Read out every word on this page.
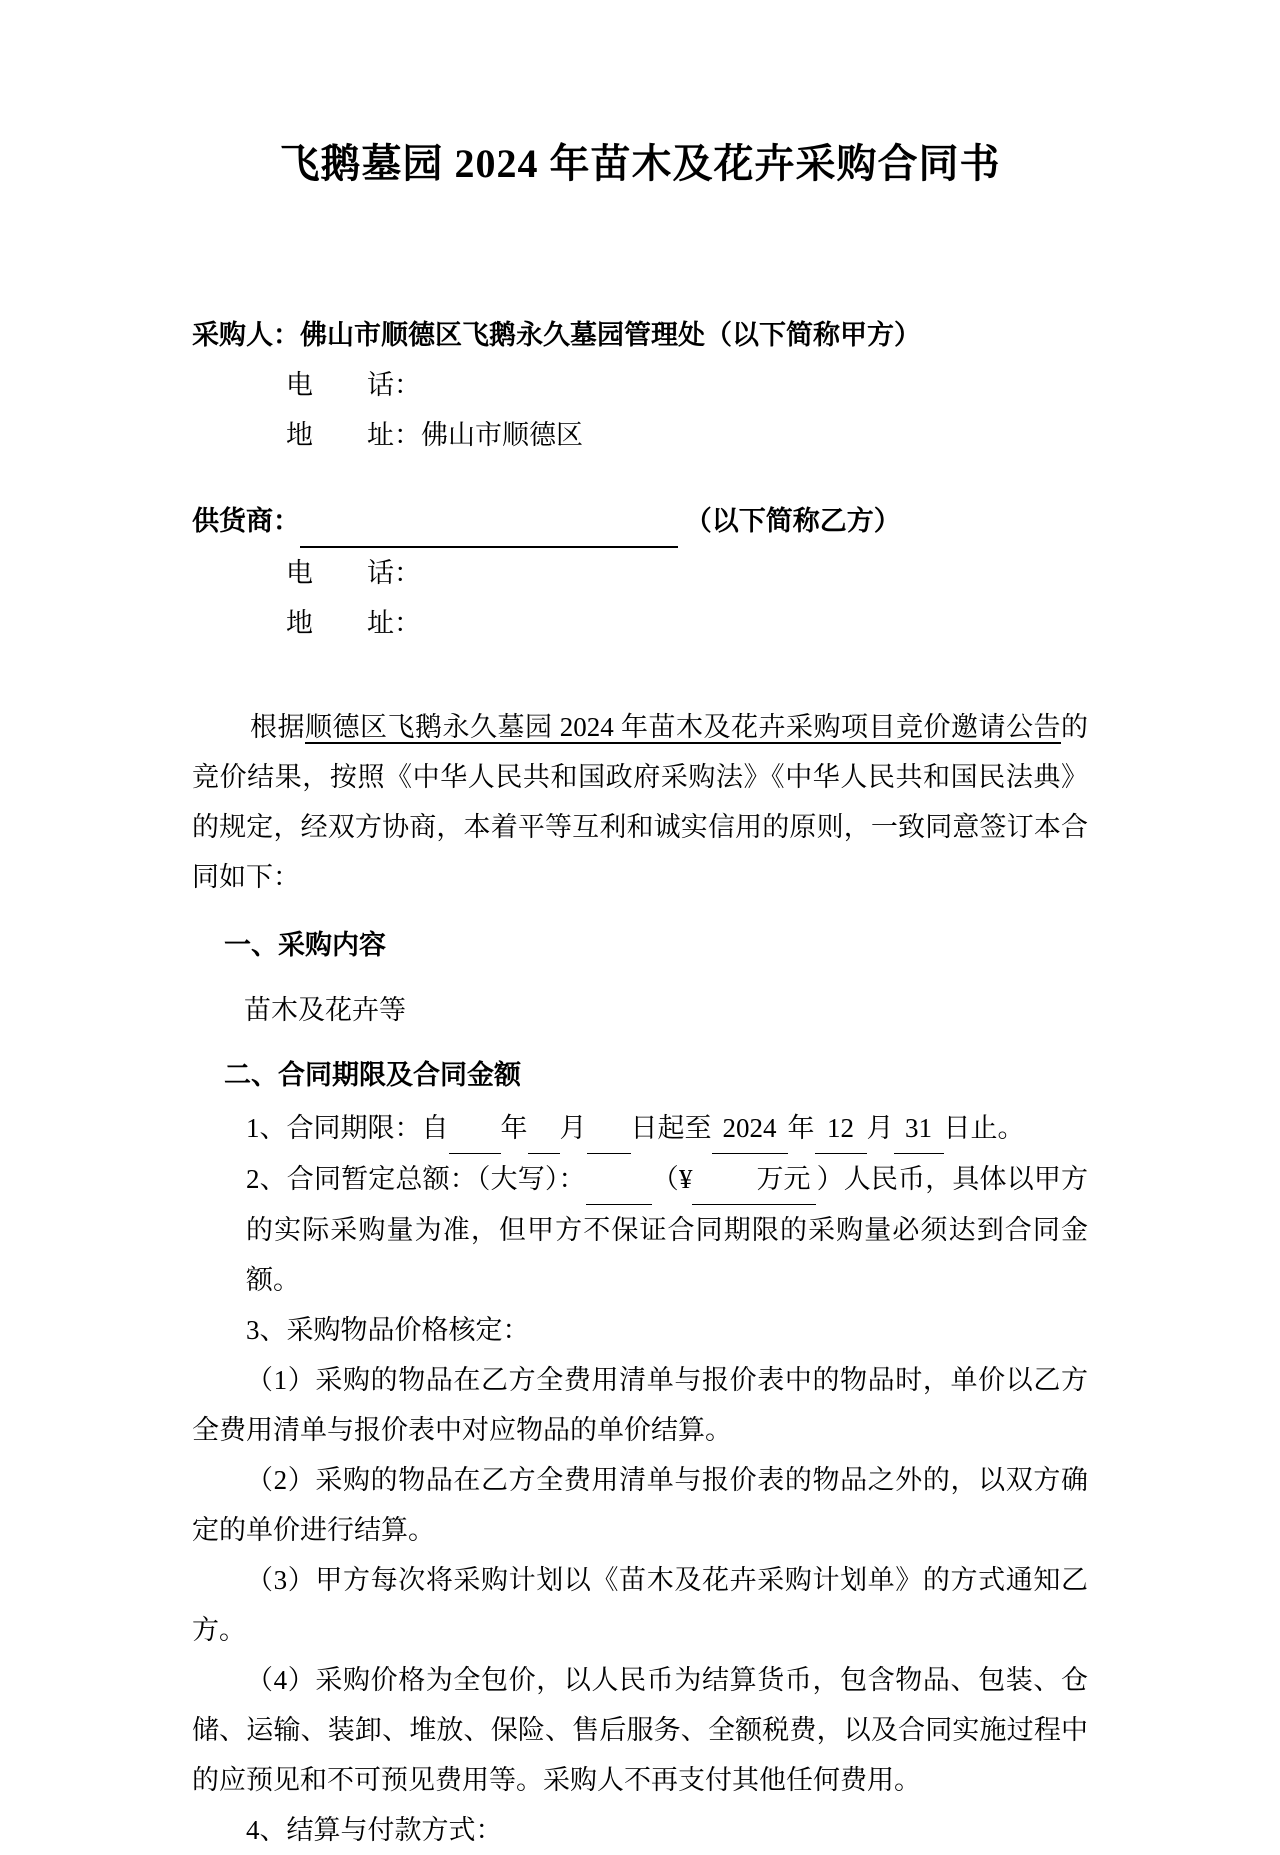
飞鹅墓园 2024 年苗木及花卉采购合同书
采购人：佛山市顺德区飞鹅永久墓园管理处（以下简称甲方）
电　　话：
地　　址：佛山市顺德区
供货商：	（以下简称乙方）
电　　话：
地　　址：
根据顺德区飞鹅永久墓园 2024 年苗木及花卉采购项目竞价邀请公告的竞价结果，按照《中华人民共和国政府采购法》《中华人民共和国民法典》的规定，经双方协商，本着平等互利和诚实信用的原则，一致同意签订本合同如下：
一、采购内容
苗木及花卉等
二、合同期限及合同金额
1、合同期限：自 年 月 日起至 2024 年 12 月 31 日止。
2、合同暂定总额：（大写）： （¥ 万元 ）人民币，具体以甲方的实际采购量为准，但甲方不保证合同期限的采购量必须达到合同金额。
3、采购物品价格核定：
（1）采购的物品在乙方全费用清单与报价表中的物品时，单价以乙方全费用清单与报价表中对应物品的单价结算。
（2）采购的物品在乙方全费用清单与报价表的物品之外的，以双方确定的单价进行结算。
（3）甲方每次将采购计划以《苗木及花卉采购计划单》的方式通知乙方。
（4）采购价格为全包价，以人民币为结算货币，包含物品、包装、仓储、运输、装卸、堆放、保险、售后服务、全额税费，以及合同实施过程中的应预见和不可预见费用等。采购人不再支付其他任何费用。
4、结算与付款方式：
